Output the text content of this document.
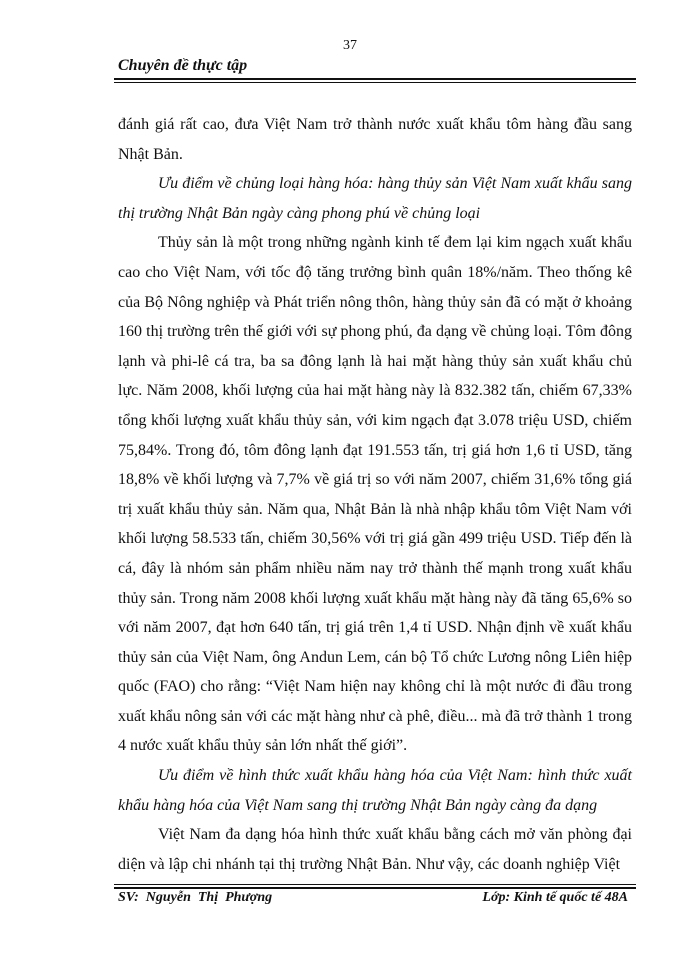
37
Chuyên đề thực tập

đánh giá rất cao, đưa Việt Nam trở thành nước xuất khẩu tôm hàng đầu sang Nhật Bản.

Ưu điểm về chủng loại hàng hóa: hàng thủy sản Việt Nam xuất khẩu sang thị trường Nhật Bản ngày càng phong phú về chủng loại

Thủy sản là một trong những ngành kinh tế đem lại kim ngạch xuất khẩu cao cho Việt Nam, với tốc độ tăng trưởng bình quân 18%/năm. Theo thống kê của Bộ Nông nghiệp và Phát triển nông thôn, hàng thủy sản đã có mặt ở khoảng 160 thị trường trên thế giới với sự phong phú, đa dạng về chủng loại. Tôm đông lạnh và phi-lê cá tra, ba sa đông lạnh là hai mặt hàng thủy sản xuất khẩu chủ lực. Năm 2008, khối lượng của hai mặt hàng này là 832.382 tấn, chiếm 67,33% tổng khối lượng xuất khẩu thủy sản, với kim ngạch đạt 3.078 triệu USD, chiếm 75,84%. Trong đó, tôm đông lạnh đạt 191.553 tấn, trị giá hơn 1,6 tỉ USD, tăng 18,8% về khối lượng và 7,7% về giá trị so với năm 2007, chiếm 31,6% tổng giá trị xuất khẩu thủy sản. Năm qua, Nhật Bản là nhà nhập khẩu tôm Việt Nam với khối lượng 58.533 tấn, chiếm 30,56% với trị giá gần 499 triệu USD. Tiếp đến là cá, đây là nhóm sản phẩm nhiều năm nay trở thành thế mạnh trong xuất khẩu thủy sản. Trong năm 2008 khối lượng xuất khẩu mặt hàng này đã tăng 65,6% so với năm 2007, đạt hơn 640 tấn, trị giá trên 1,4 tỉ USD. Nhận định về xuất khẩu thủy sản của Việt Nam, ông Andun Lem, cán bộ Tổ chức Lương nông Liên hiệp quốc (FAO) cho rằng: “Việt Nam hiện nay không chỉ là một nước đi đầu trong xuất khẩu nông sản với các mặt hàng như cà phê, điều... mà đã trở thành 1 trong 4 nước xuất khẩu thủy sản lớn nhất thế giới”.

Ưu điểm về hình thức xuất khẩu hàng hóa của Việt Nam: hình thức xuất khẩu hàng hóa của Việt Nam sang thị trường Nhật Bản ngày càng đa dạng

Việt Nam đa dạng hóa hình thức xuất khẩu bằng cách mở văn phòng đại diện và lập chi nhánh tại thị trường Nhật Bản. Như vậy, các doanh nghiệp Việt

SV:  Nguyễn  Thị  Phượng	Lớp: Kinh tế quốc tế 48A
